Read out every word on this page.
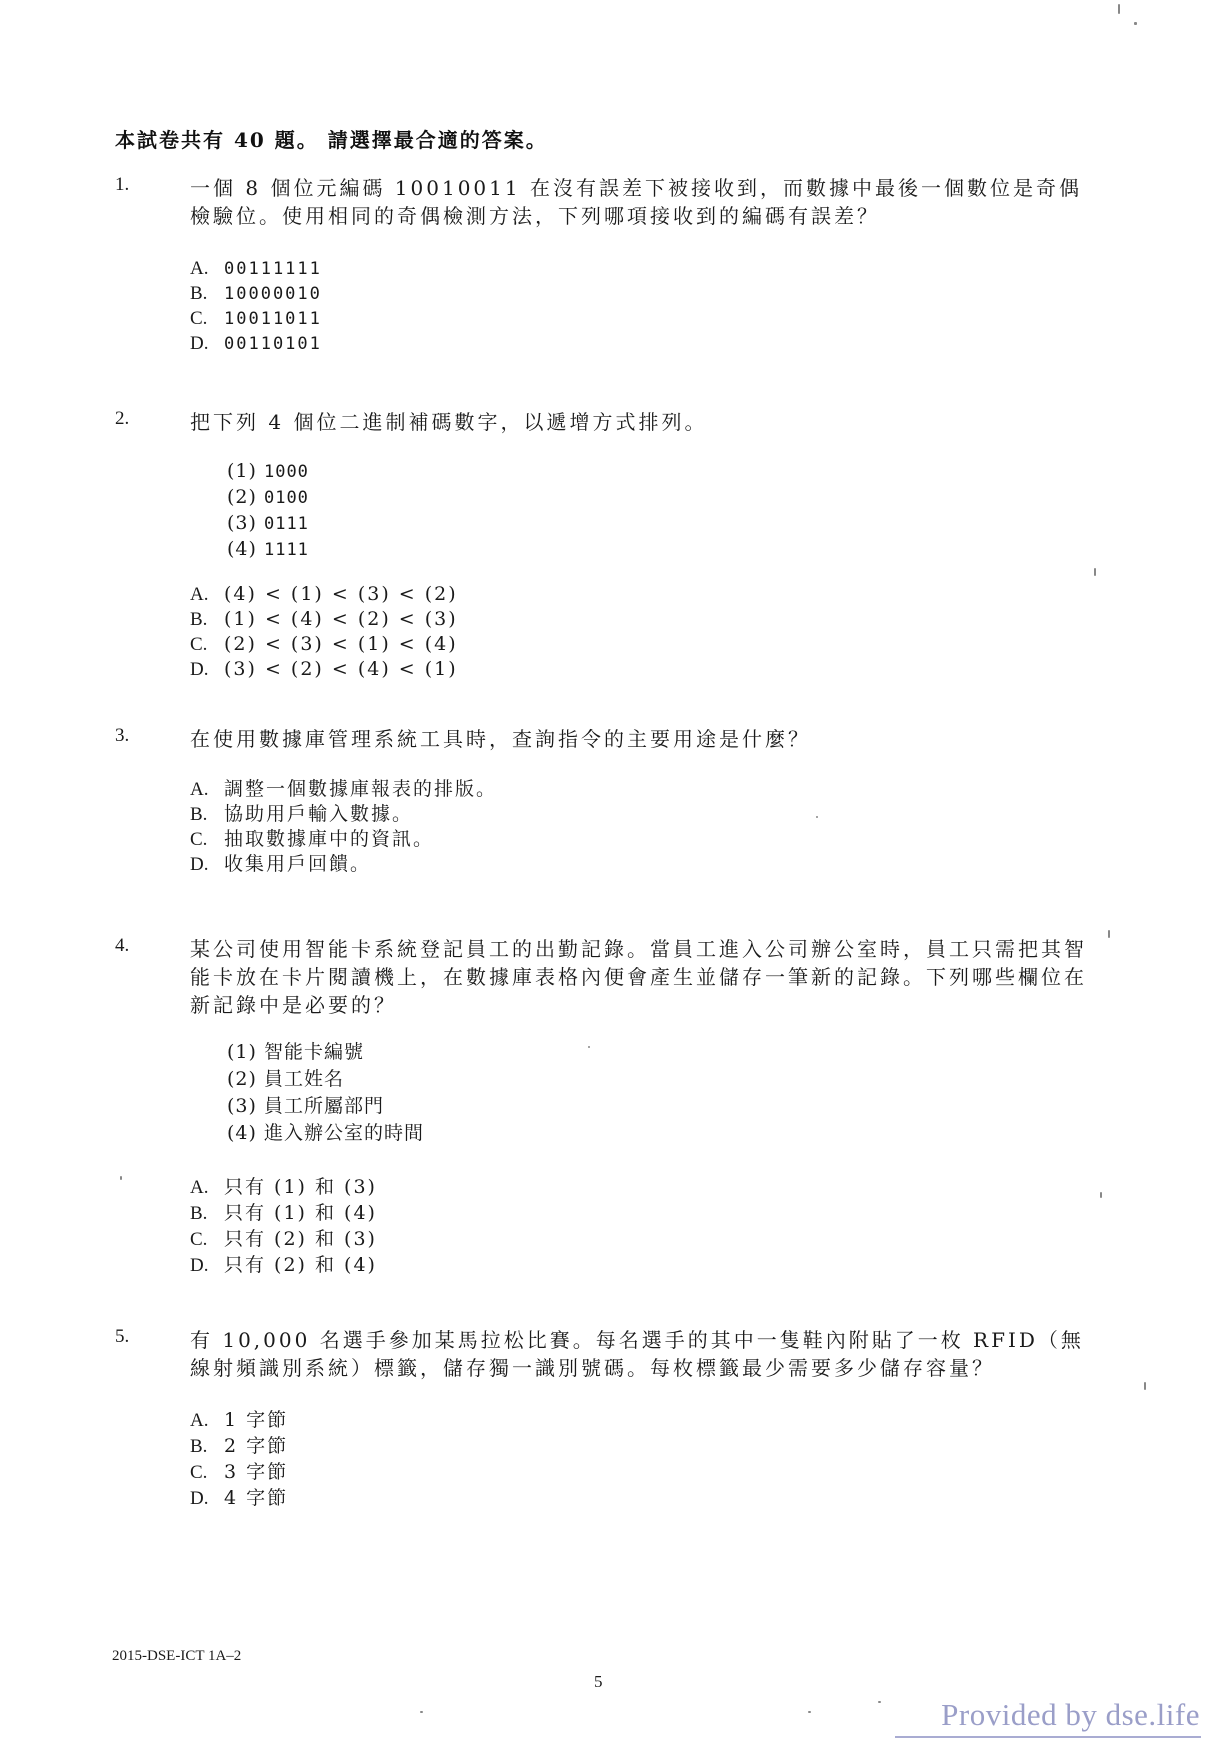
本試卷共有 40 題。 請選擇最合適的答案。
1.	一個 8 個位元編碼 10010011 在沒有誤差下被接收到，而數據中最後一個數位是奇偶檢驗位。使用相同的奇偶檢測方法，下列哪項接收到的編碼有誤差？
A. 00111111
B. 10000010
C. 10011011
D. 00110101
2.	把下列 4 個位二進制補碼數字，以遞增方式排列。
(1) 1000
(2) 0100
(3) 0111
(4) 1111
A. (4) < (1) < (3) < (2)
B. (1) < (4) < (2) < (3)
C. (2) < (3) < (1) < (4)
D. (3) < (2) < (4) < (1)
3.	在使用數據庫管理系統工具時，查詢指令的主要用途是什麼？
A. 調整一個數據庫報表的排版。
B. 協助用戶輸入數據。
C. 抽取數據庫中的資訊。
D. 收集用戶回饋。
4.	某公司使用智能卡系統登記員工的出勤記錄。當員工進入公司辦公室時，員工只需把其智能卡放在卡片閱讀機上，在數據庫表格內便會產生並儲存一筆新的記錄。下列哪些欄位在新記錄中是必要的？
(1) 智能卡編號
(2) 員工姓名
(3) 員工所屬部門
(4) 進入辦公室的時間
A. 只有 (1) 和 (3)
B. 只有 (1) 和 (4)
C. 只有 (2) 和 (3)
D. 只有 (2) 和 (4)
5.	有 10,000 名選手參加某馬拉松比賽。每名選手的其中一隻鞋內附貼了一枚 RFID（無線射頻識別系統）標籤，儲存獨一識別號碼。每枚標籤最少需要多少儲存容量？
A. 1 字節
B. 2 字節
C. 3 字節
D. 4 字節
2015-DSE-ICT 1A–2
5
Provided by dse.life
